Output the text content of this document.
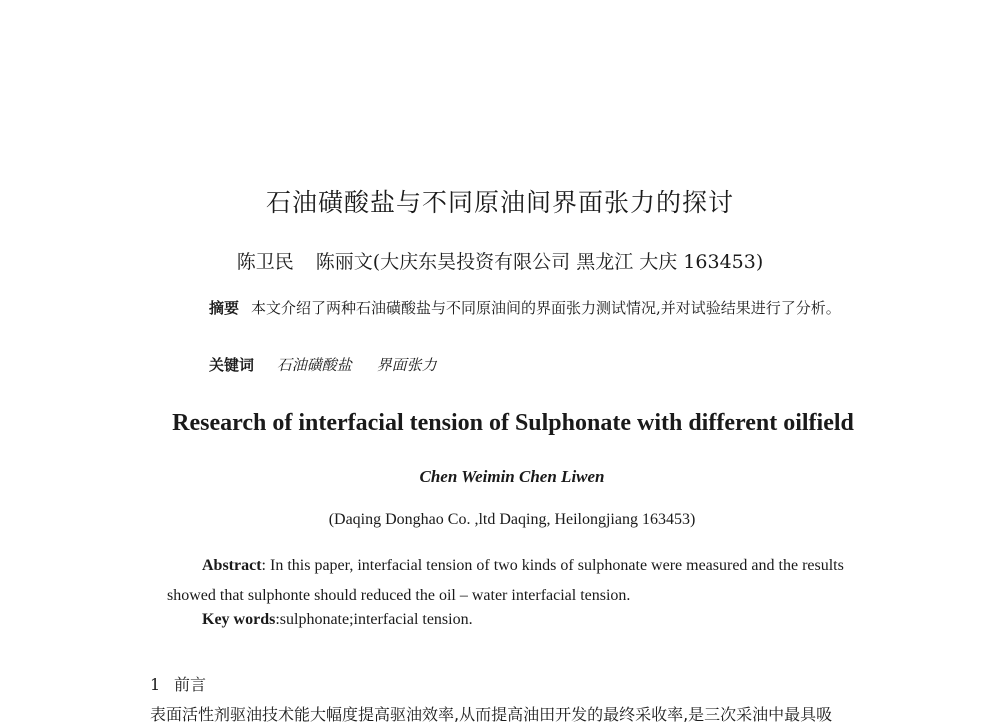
石油磺酸盐与不同原油间界面张力的探讨
陈卫民 陈丽文(大庆东昊投资有限公司 黑龙江 大庆 163453)
摘要 本文介绍了两种石油磺酸盐与不同原油间的界面张力测试情况,并对试验结果进行了分析。
关键词 石油磺酸盐 界面张力
Research of interfacial tension of Sulphonate with different oilfield
Chen Weimin Chen Liwen
(Daqing Donghao Co. ,ltd Daqing, Heilongjiang 163453)
Abstract: In this paper, interfacial tension of two kinds of sulphonate were measured and the results showed that sulphonte should reduced the oil – water interfacial tension.
Key words:sulphonate;interfacial tension.
1 前言
表面活性剂驱油技术能大幅度提高驱油效率,从而提高油田开发的最终采收率,是三次采油中最具吸
